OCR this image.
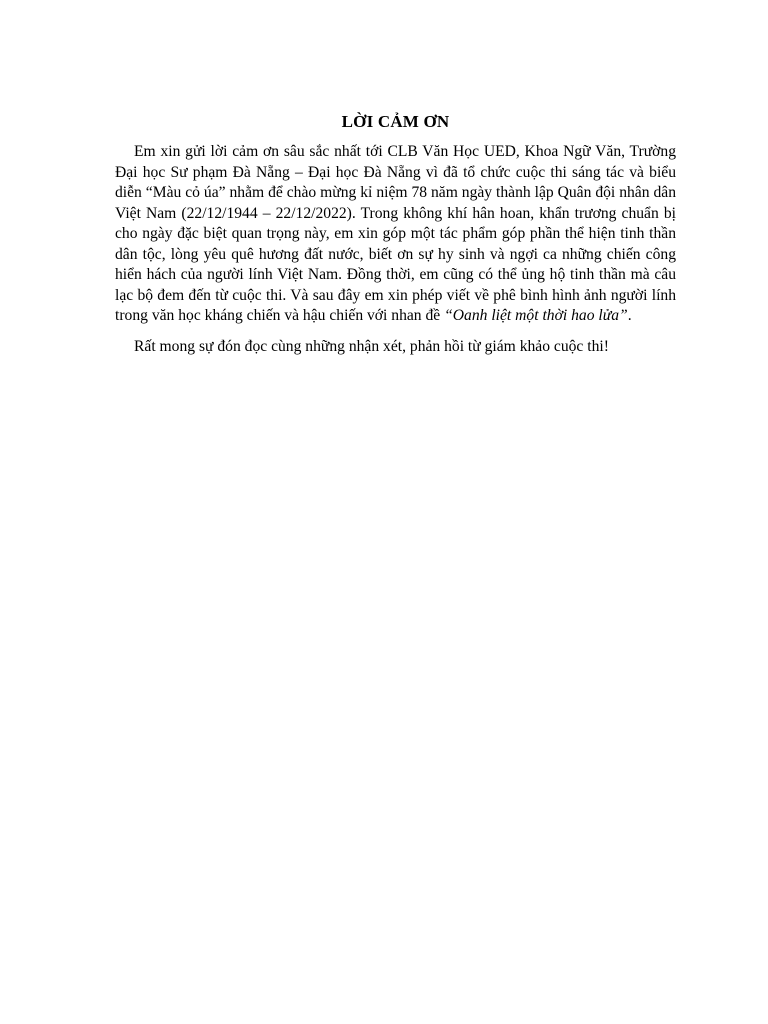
LỜI CẢM ƠN

Em xin gửi lời cảm ơn sâu sắc nhất tới CLB Văn Học UED, Khoa Ngữ Văn, Trường Đại học Sư phạm Đà Nẵng – Đại học Đà Nẵng vì đã tổ chức cuộc thi sáng tác và biểu diễn “Màu cỏ úa” nhằm để chào mừng kỉ niệm 78 năm ngày thành lập Quân đội nhân dân Việt Nam (22/12/1944 – 22/12/2022). Trong không khí hân hoan, khẩn trương chuẩn bị cho ngày đặc biệt quan trọng này, em xin góp một tác phẩm góp phần thể hiện tinh thần dân tộc, lòng yêu quê hương đất nước, biết ơn sự hy sinh và ngợi ca những chiến công hiển hách của người lính Việt Nam. Đồng thời, em cũng có thể ủng hộ tinh thần mà câu lạc bộ đem đến từ cuộc thi. Và sau đây em xin phép viết về phê bình hình ảnh người lính trong văn học kháng chiến và hậu chiến với nhan đề “Oanh liệt một thời hao lửa”.

Rất mong sự đón đọc cùng những nhận xét, phản hồi từ giám khảo cuộc thi!
